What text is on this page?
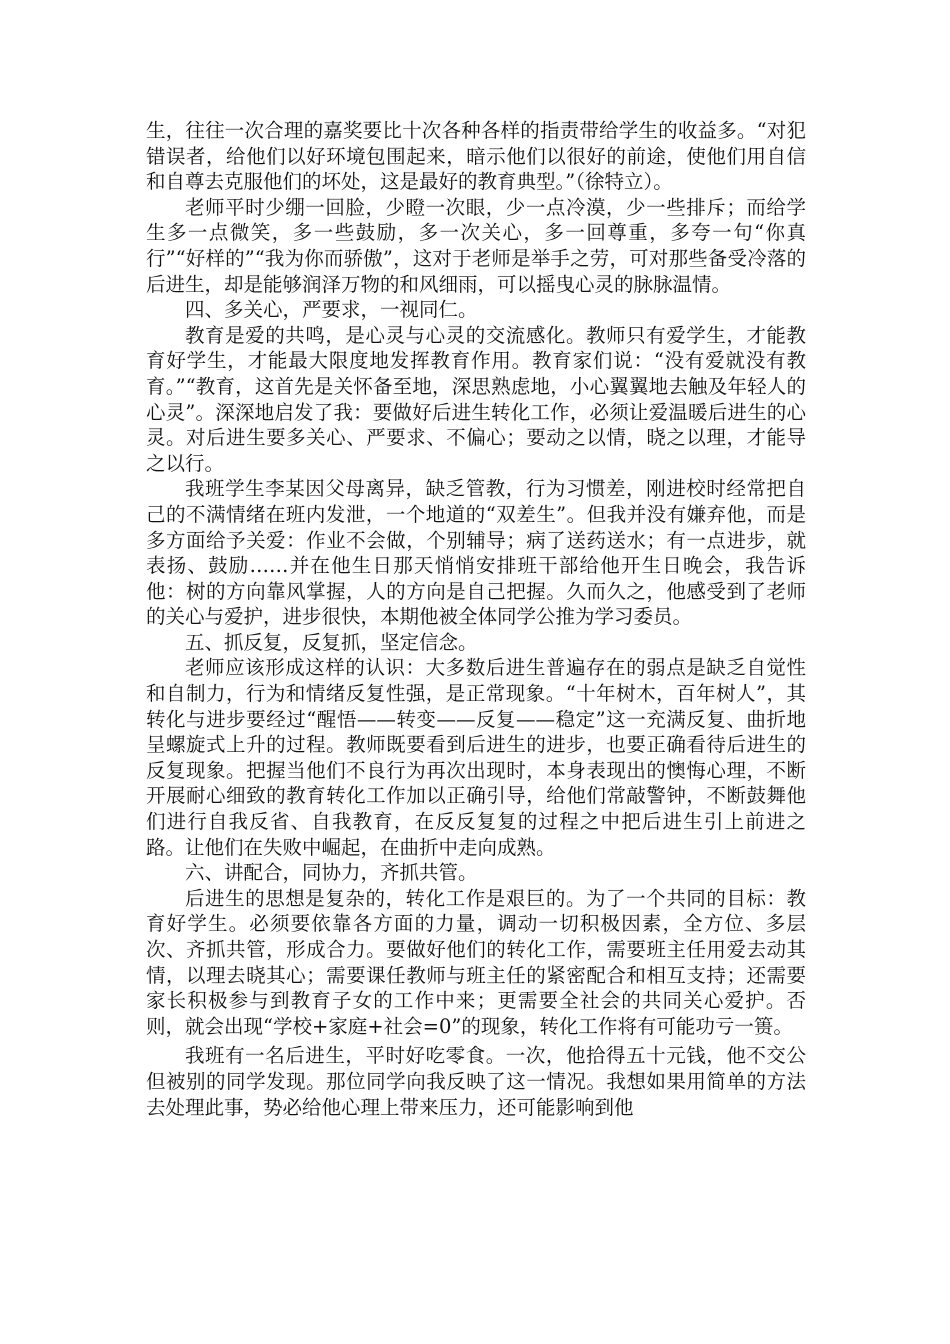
生，往往一次合理的嘉奖要比十次各种各样的指责带给学生的收益多。“对犯错误者，给他们以好环境包围起来，暗示他们以很好的前途，使他们用自信和自尊去克服他们的坏处，这是最好的教育典型。”（徐特立）。

老师平时少绷一回脸，少瞪一次眼，少一点冷漠，少一些排斥；而给学生多一点微笑，多一些鼓励，多一次关心，多一回尊重，多夸一句“你真行”“好样的”“我为你而骄傲”，这对于老师是举手之劳，可对那些备受冷落的后进生，却是能够润泽万物的和风细雨，可以摇曳心灵的脉脉温情。

四、多关心，严要求，一视同仁。

教育是爱的共鸣，是心灵与心灵的交流感化。教师只有爱学生，才能教育好学生，才能最大限度地发挥教育作用。教育家们说：“没有爱就没有教育。”“教育，这首先是关怀备至地，深思熟虑地，小心翼翼地去触及年轻人的心灵”。深深地启发了我：要做好后进生转化工作，必须让爱温暖后进生的心灵。对后进生要多关心、严要求、不偏心；要动之以情，晓之以理，才能导之以行。

我班学生李某因父母离异，缺乏管教，行为习惯差，刚进校时经常把自己的不满情绪在班内发泄，一个地道的“双差生”。但我并没有嫌弃他，而是多方面给予关爱：作业不会做，个别辅导；病了送药送水；有一点进步，就表扬、鼓励……并在他生日那天悄悄安排班干部给他开生日晚会，我告诉他：树的方向靠风掌握，人的方向是自己把握。久而久之，他感受到了老师的关心与爱护，进步很快，本期他被全体同学公推为学习委员。

五、抓反复，反复抓，坚定信念。

老师应该形成这样的认识：大多数后进生普遍存在的弱点是缺乏自觉性和自制力，行为和情绪反复性强，是正常现象。“十年树木，百年树人”，其转化与进步要经过“醒悟——转变——反复——稳定”这一充满反复、曲折地呈螺旋式上升的过程。教师既要看到后进生的进步，也要正确看待后进生的反复现象。把握当他们不良行为再次出现时，本身表现出的懊悔心理，不断开展耐心细致的教育转化工作加以正确引导，给他们常敲警钟，不断鼓舞他们进行自我反省、自我教育，在反反复复的过程之中把后进生引上前进之路。让他们在失败中崛起，在曲折中走向成熟。

六、讲配合，同协力，齐抓共管。

后进生的思想是复杂的，转化工作是艰巨的。为了一个共同的目标：教育好学生。必须要依靠各方面的力量，调动一切积极因素，全方位、多层次、齐抓共管，形成合力。要做好他们的转化工作，需要班主任用爱去动其情，以理去晓其心；需要课任教师与班主任的紧密配合和相互支持；还需要家长积极参与到教育子女的工作中来；更需要全社会的共同关心爱护。否则，就会出现“学校+家庭+社会=0”的现象，转化工作将有可能功亏一篑。

我班有一名后进生，平时好吃零食。一次，他拾得五十元钱，他不交公但被别的同学发现。那位同学向我反映了这一情况。我想如果用简单的方法去处理此事，势必给他心理上带来压力，还可能影响到他
